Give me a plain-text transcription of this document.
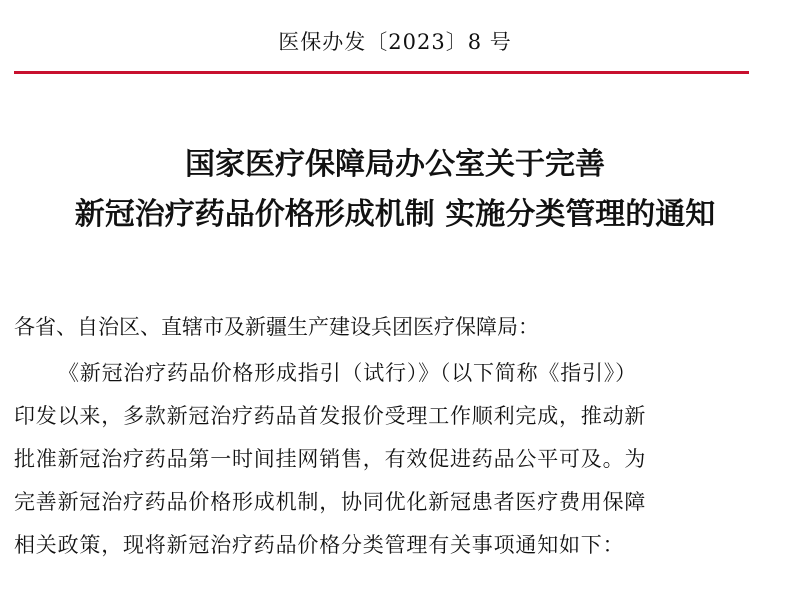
医保办发〔2023〕8 号
国家医疗保障局办公室关于完善
新冠治疗药品价格形成机制 实施分类管理的通知
各省、自治区、直辖市及新疆生产建设兵团医疗保障局：
《新冠治疗药品价格形成指引（试行）》（以下简称《指引》）
印发以来，多款新冠治疗药品首发报价受理工作顺利完成，推动新
批准新冠治疗药品第一时间挂网销售，有效促进药品公平可及。为
完善新冠治疗药品价格形成机制，协同优化新冠患者医疗费用保障
相关政策，现将新冠治疗药品价格分类管理有关事项通知如下：
